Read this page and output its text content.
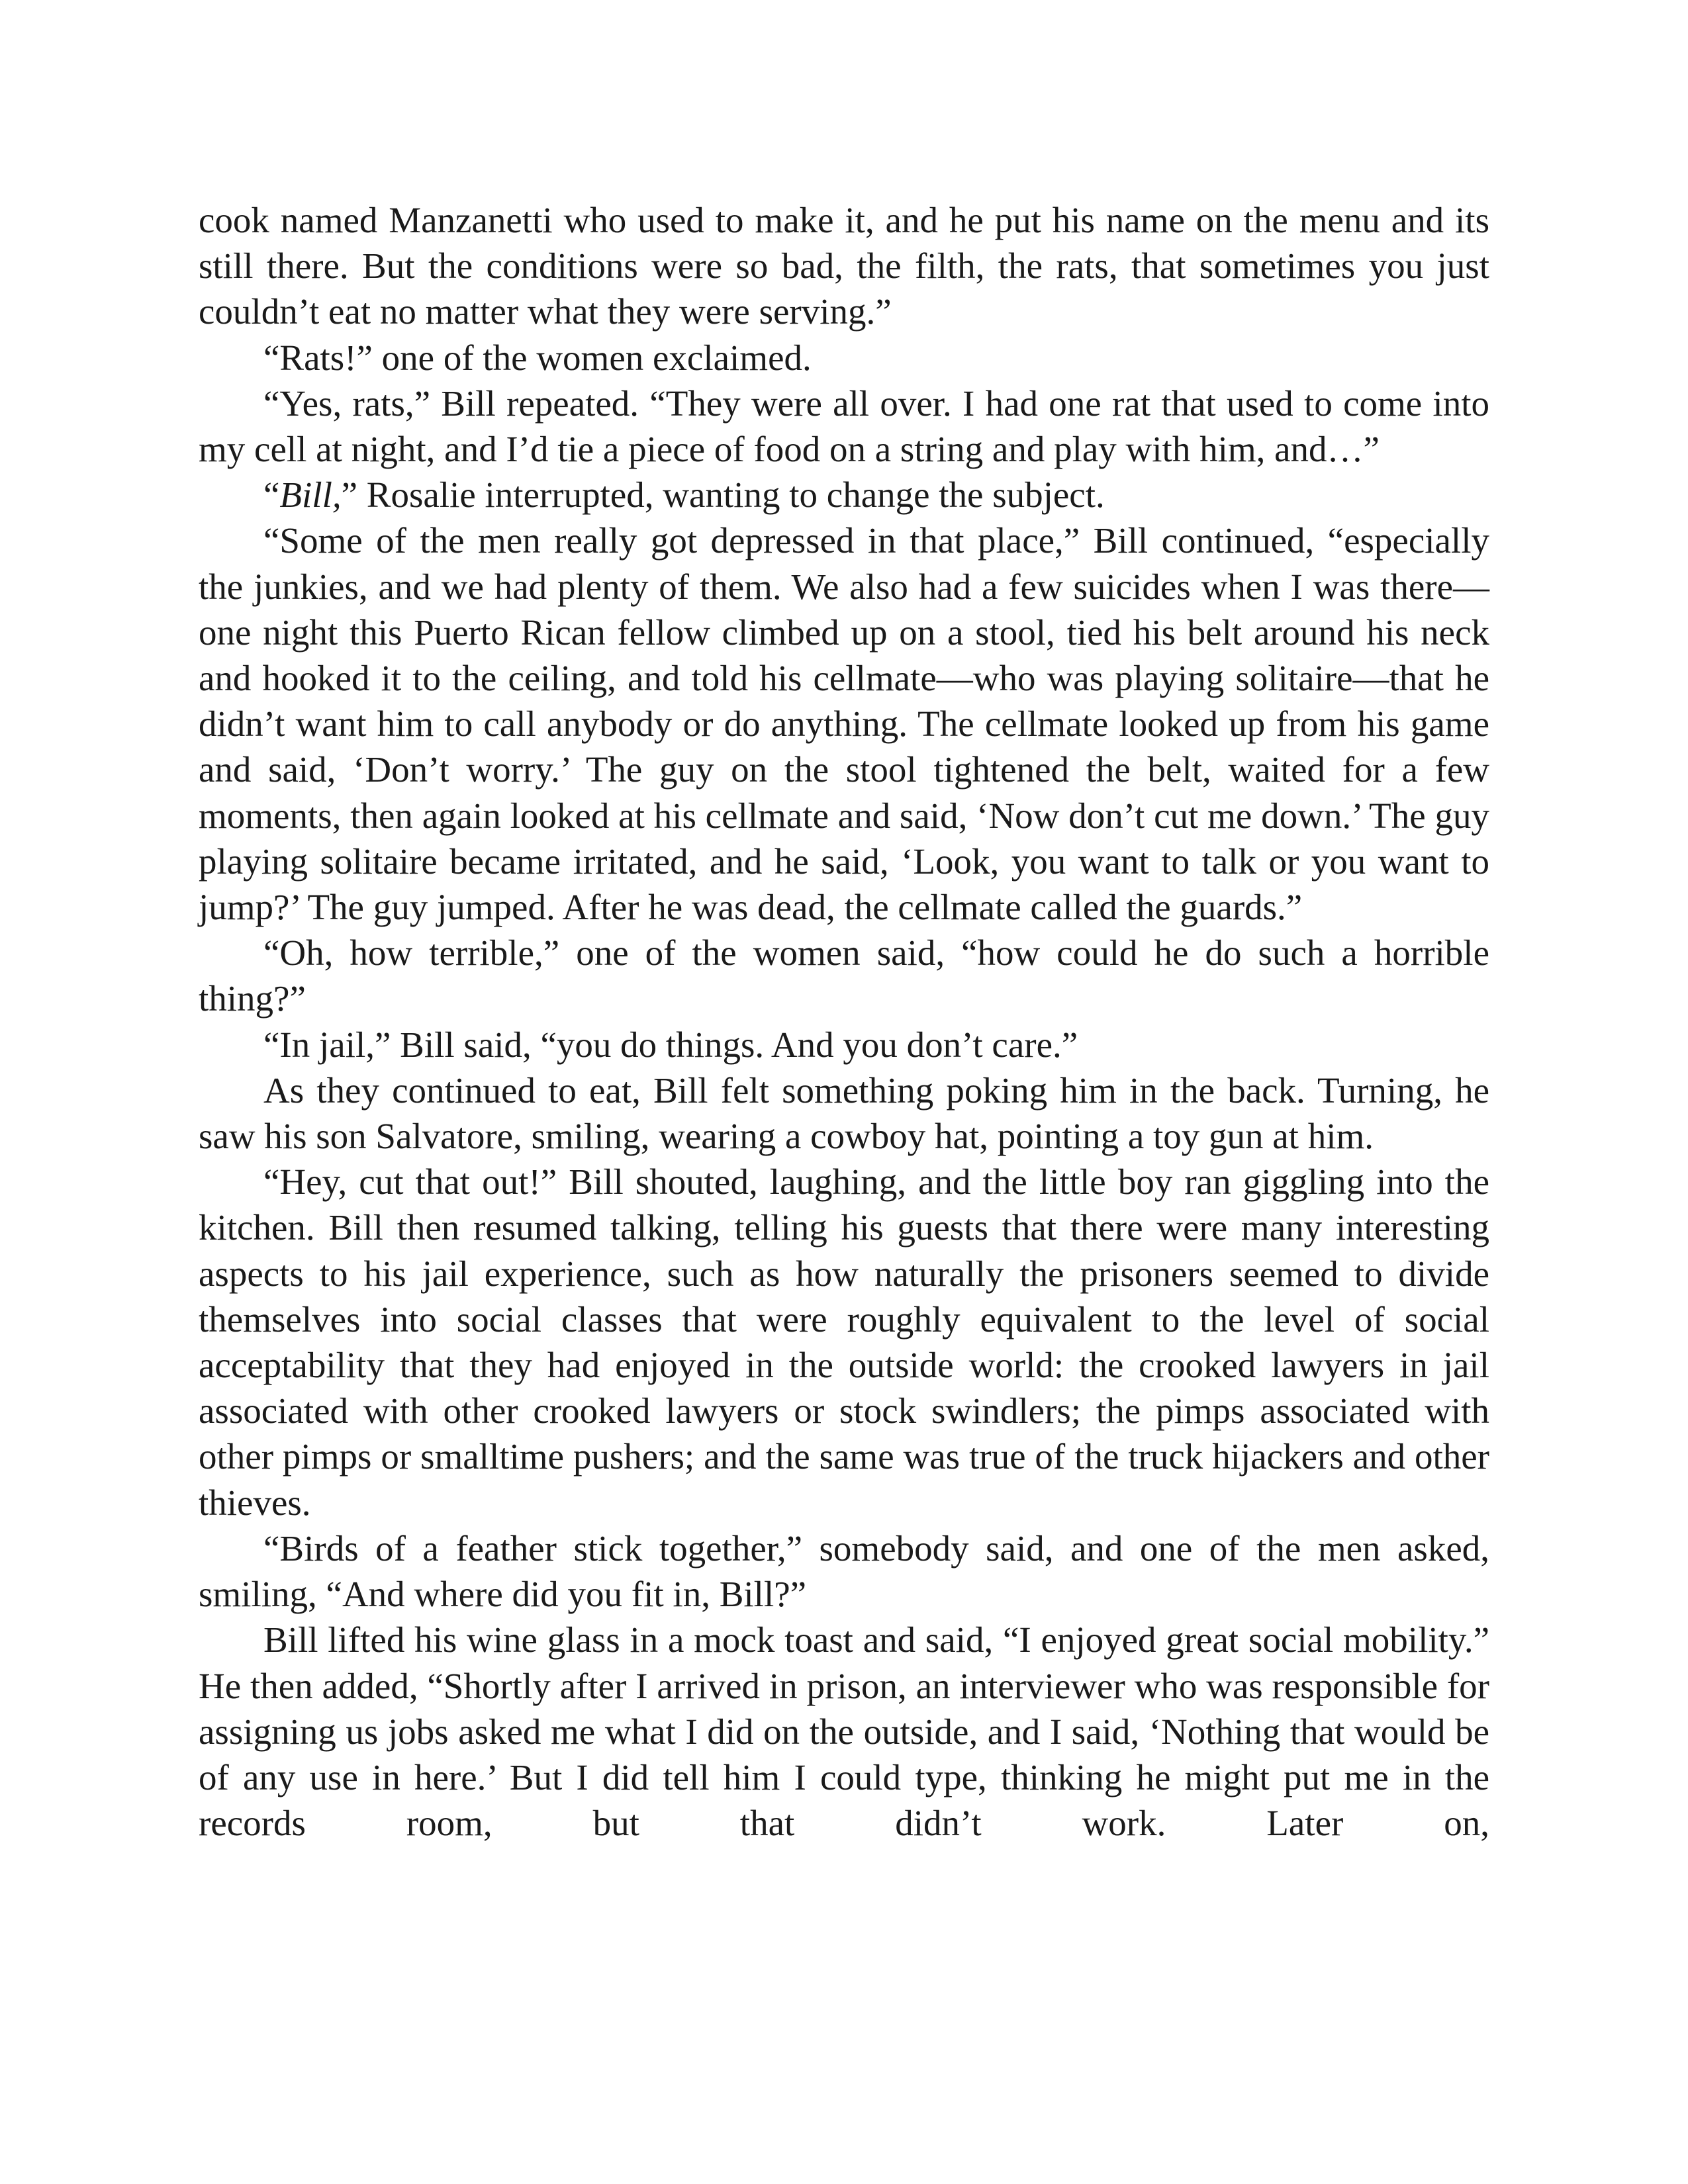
cook named Manzanetti who used to make it, and he put his name on the menu and its still there. But the conditions were so bad, the filth, the rats, that sometimes you just couldn’t eat no matter what they were serving.”

“Rats!” one of the women exclaimed.

“Yes, rats,” Bill repeated. “They were all over. I had one rat that used to come into my cell at night, and I’d tie a piece of food on a string and play with him, and…”

“Bill,” Rosalie interrupted, wanting to change the subject.

“Some of the men really got depressed in that place,” Bill continued, “especially the junkies, and we had plenty of them. We also had a few suicides when I was there—one night this Puerto Rican fellow climbed up on a stool, tied his belt around his neck and hooked it to the ceiling, and told his cellmate—who was playing solitaire—that he didn’t want him to call anybody or do anything. The cellmate looked up from his game and said, ‘Don’t worry.’ The guy on the stool tightened the belt, waited for a few moments, then again looked at his cellmate and said, ‘Now don’t cut me down.’ The guy playing solitaire became irritated, and he said, ‘Look, you want to talk or you want to jump?’ The guy jumped. After he was dead, the cellmate called the guards.”

“Oh, how terrible,” one of the women said, “how could he do such a horrible thing?”

“In jail,” Bill said, “you do things. And you don’t care.”

As they continued to eat, Bill felt something poking him in the back. Turning, he saw his son Salvatore, smiling, wearing a cowboy hat, pointing a toy gun at him.

“Hey, cut that out!” Bill shouted, laughing, and the little boy ran giggling into the kitchen. Bill then resumed talking, telling his guests that there were many interesting aspects to his jail experience, such as how naturally the prisoners seemed to divide themselves into social classes that were roughly equivalent to the level of social acceptability that they had enjoyed in the outside world: the crooked lawyers in jail associated with other crooked lawyers or stock swindlers; the pimps associated with other pimps or smalltime pushers; and the same was true of the truck hijackers and other thieves.

“Birds of a feather stick together,” somebody said, and one of the men asked, smiling, “And where did you fit in, Bill?”

Bill lifted his wine glass in a mock toast and said, “I enjoyed great social mobility.” He then added, “Shortly after I arrived in prison, an interviewer who was responsible for assigning us jobs asked me what I did on the outside, and I said, ‘Nothing that would be of any use in here.’ But I did tell him I could type, thinking he might put me in the records room, but that didn’t work. Later on,
